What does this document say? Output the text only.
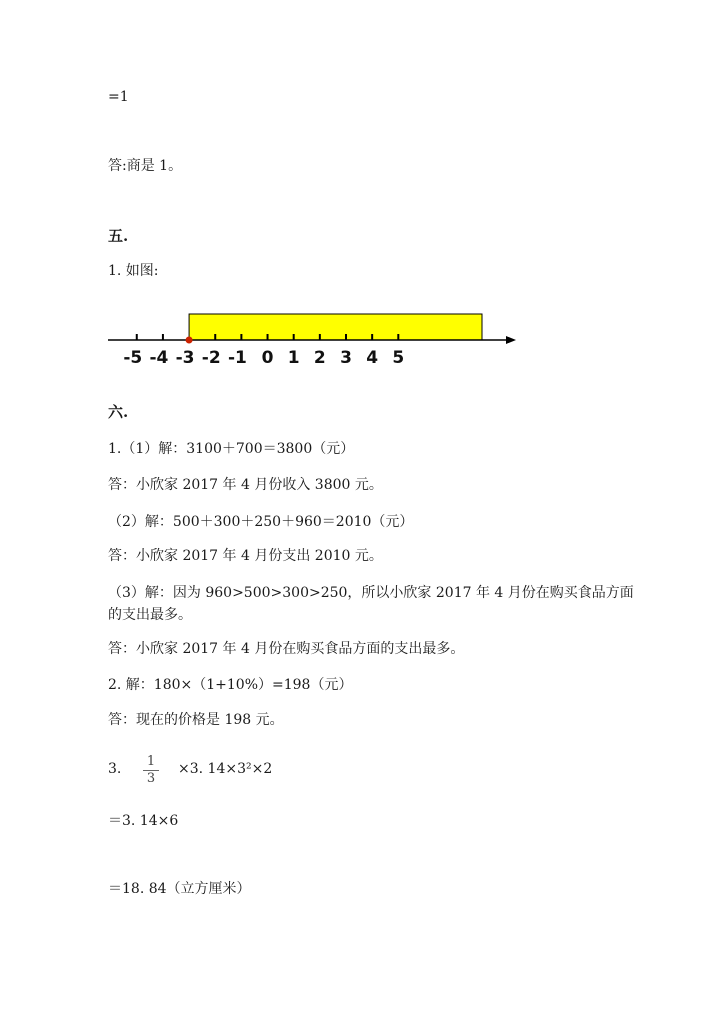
=1
答:商是 1。
五.
1. 如图:
-5 -4 -3 -2 -1 0 1 2 3 4 5
六.
1.（1）解：3100＋700＝3800（元）
答：小欣家 2017 年 4 月份收入 3800 元。
（2）解：500＋300＋250＋960＝2010（元）
答：小欣家 2017 年 4 月份支出 2010 元。
（3）解：因为 960>500>300>250，所以小欣家 2017 年 4 月份在购买食品方面
的支出最多。
答：小欣家 2017 年 4 月份在购买食品方面的支出最多。
2. 解：180×（1+10%）=198（元）
答：现在的价格是 198 元。
3. 1
3
×3. 14×3²×2
＝3. 14×6
＝18. 84（立方厘米）
